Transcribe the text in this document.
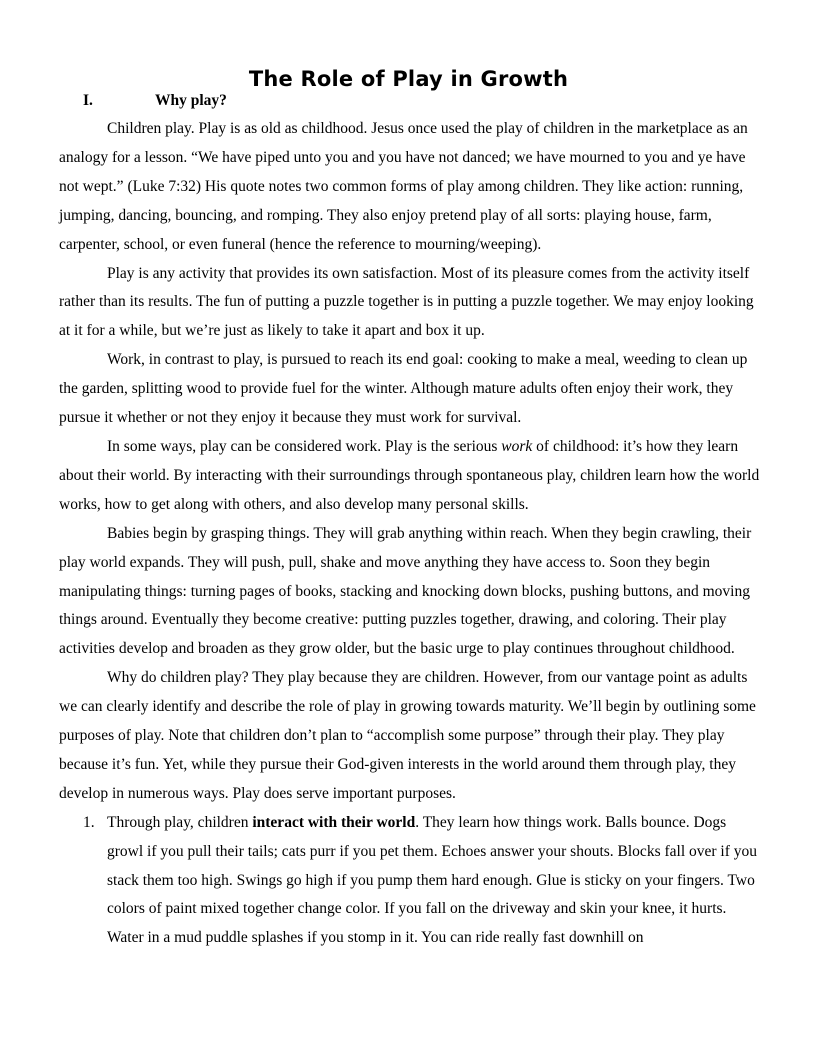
The Role of Play in Growth
I.	Why play?

Children play. Play is as old as childhood. Jesus once used the play of children in the marketplace as an analogy for a lesson. “We have piped unto you and you have not danced; we have mourned to you and ye have not wept.” (Luke 7:32) His quote notes two common forms of play among children. They like action: running, jumping, dancing, bouncing, and romping. They also enjoy pretend play of all sorts: playing house, farm, carpenter, school, or even funeral (hence the reference to mourning/weeping).

Play is any activity that provides its own satisfaction. Most of its pleasure comes from the activity itself rather than its results. The fun of putting a puzzle together is in putting a puzzle together. We may enjoy looking at it for a while, but we’re just as likely to take it apart and box it up.

Work, in contrast to play, is pursued to reach its end goal: cooking to make a meal, weeding to clean up the garden, splitting wood to provide fuel for the winter. Although mature adults often enjoy their work, they pursue it whether or not they enjoy it because they must work for survival.

In some ways, play can be considered work. Play is the serious work of childhood: it’s how they learn about their world. By interacting with their surroundings through spontaneous play, children learn how the world works, how to get along with others, and also develop many personal skills.

Babies begin by grasping things. They will grab anything within reach. When they begin crawling, their play world expands. They will push, pull, shake and move anything they have access to. Soon they begin manipulating things: turning pages of books, stacking and knocking down blocks, pushing buttons, and moving things around. Eventually they become creative: putting puzzles together, drawing, and coloring. Their play activities develop and broaden as they grow older, but the basic urge to play continues throughout childhood.

Why do children play? They play because they are children. However, from our vantage point as adults we can clearly identify and describe the role of play in growing towards maturity. We’ll begin by outlining some purposes of play. Note that children don’t plan to “accomplish some purpose” through their play. They play because it’s fun. Yet, while they pursue their God-given interests in the world around them through play, they develop in numerous ways. Play does serve important purposes.

1. Through play, children interact with their world. They learn how things work. Balls bounce. Dogs growl if you pull their tails; cats purr if you pet them. Echoes answer your shouts. Blocks fall over if you stack them too high. Swings go high if you pump them hard enough. Glue is sticky on your fingers. Two colors of paint mixed together change color. If you fall on the driveway and skin your knee, it hurts. Water in a mud puddle splashes if you stomp in it. You can ride really fast downhill on
